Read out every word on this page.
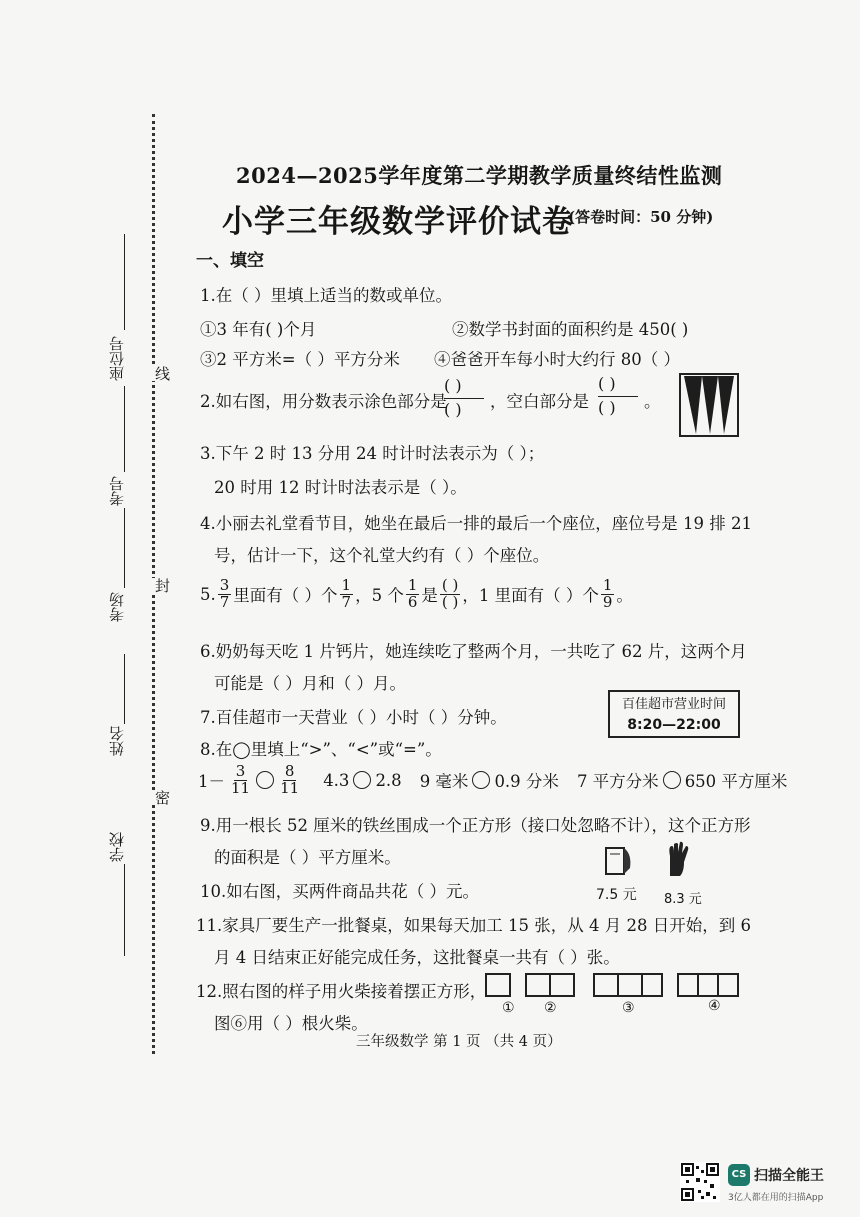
线
封
密
座位号
考号
考场
姓名
学校
2024—2025学年度第二学期教学质量终结性监测
小学三年级数学评价试卷
(答卷时间：50 分钟)
一、填空
1.在（ ）里填上适当的数或单位。
①3 年有( )个月	②数学书封面的面积约是 450( )
③2 平方米=（ ）平方分米 ④爸爸开车每小时大约行 80（ ）
2.如右图，用分数表示涂色部分是
( )
( ) ，空白部分是
( )
( ) 。
3.下午 2 时 13 分用 24 时计时法表示为（ ）；
20 时用 12 时计时法表示是（ ）。
4.小丽去礼堂看节目，她坐在最后一排的最后一个座位，座位号是 19 排 21
号，估计一下，这个礼堂大约有（ ）个座位。
5. $\frac{3}{7}$ 里面有（ ）个 $\frac{1}{7}$ ，5 个 $\frac{1}{6}$ 是 $\frac{( )}{( )}$ ，1 里面有（ ）个 $\frac{1}{9}$ 。
6.奶奶每天吃 1 片钙片，她连续吃了整两个月，一共吃了 62 片，这两个月
可能是（ ）月和（ ）月。
7.百佳超市一天营业（ ）小时（ ）分钟。
百佳超市营业时间
8:20—22:00
8.在◯里填上“>”、“<”或“=”。
$1- \frac{3}{11} \frac{8}{11} 4.3$ 2.8 9 毫米 0.9 分米 7 平方分米 650 平方厘米
9.用一根长 52 厘米的铁丝围成一个正方形（接口处忽略不计），这个正方形
的面积是（ ）平方厘米。
10.如右图，买两件商品共花（ ）元。	7.5 元 8.3 元
11.家具厂要生产一批餐桌，如果每天加工 15 张，从 4 月 28 日开始，到 6
月 4 日结束正好能完成任务，这批餐桌一共有（ ）张。
12.照右图的样子用火柴接着摆正方形，
图⑥用（ ）根火柴。
① ②	③	④
三年级数学 第 1 页 （共 4 页）
CS 扫描全能王
3亿人都在用的扫描App
